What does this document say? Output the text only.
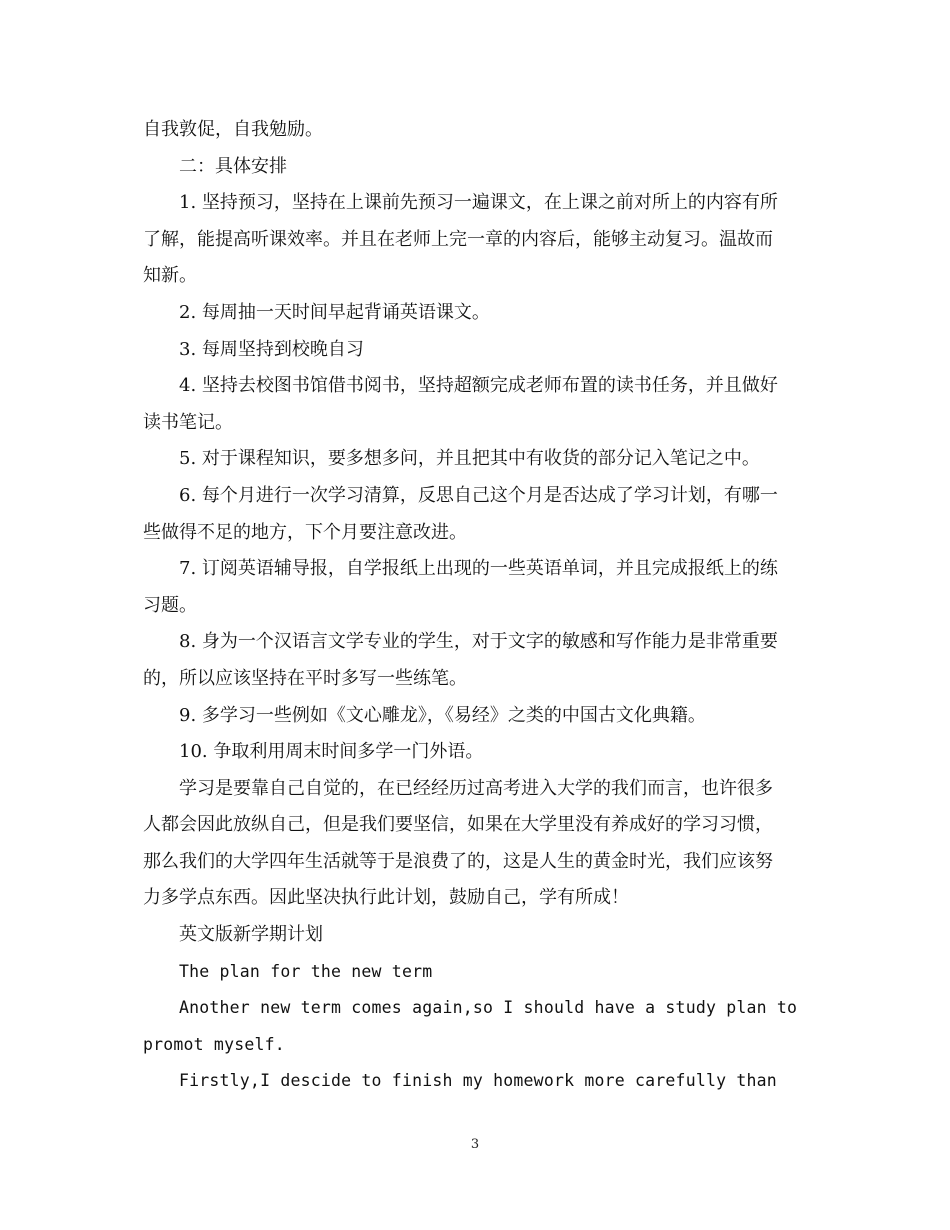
自我敦促，自我勉励。
二：具体安排
1. 坚持预习，坚持在上课前先预习一遍课文，在上课之前对所上的内容有所
了解，能提高听课效率。并且在老师上完一章的内容后，能够主动复习。温故而
知新。
2. 每周抽一天时间早起背诵英语课文。
3. 每周坚持到校晚自习
4. 坚持去校图书馆借书阅书，坚持超额完成老师布置的读书任务，并且做好
读书笔记。
5. 对于课程知识，要多想多问，并且把其中有收货的部分记入笔记之中。
6. 每个月进行一次学习清算，反思自己这个月是否达成了学习计划，有哪一
些做得不足的地方，下个月要注意改进。
7. 订阅英语辅导报，自学报纸上出现的一些英语单词，并且完成报纸上的练
习题。
8. 身为一个汉语言文学专业的学生，对于文字的敏感和写作能力是非常重要
的，所以应该坚持在平时多写一些练笔。
9. 多学习一些例如《文心雕龙》，《易经》之类的中国古文化典籍。
10. 争取利用周末时间多学一门外语。
学习是要靠自己自觉的，在已经经历过高考进入大学的我们而言，也许很多
人都会因此放纵自己，但是我们要坚信，如果在大学里没有养成好的学习习惯，
那么我们的大学四年生活就等于是浪费了的，这是人生的黄金时光，我们应该努
力多学点东西。因此坚决执行此计划，鼓励自己，学有所成！
英文版新学期计划
The plan for the new term
Another new term comes again,so I should have a study plan to
promot myself.
Firstly,I descide to finish my homework more carefully than
3
